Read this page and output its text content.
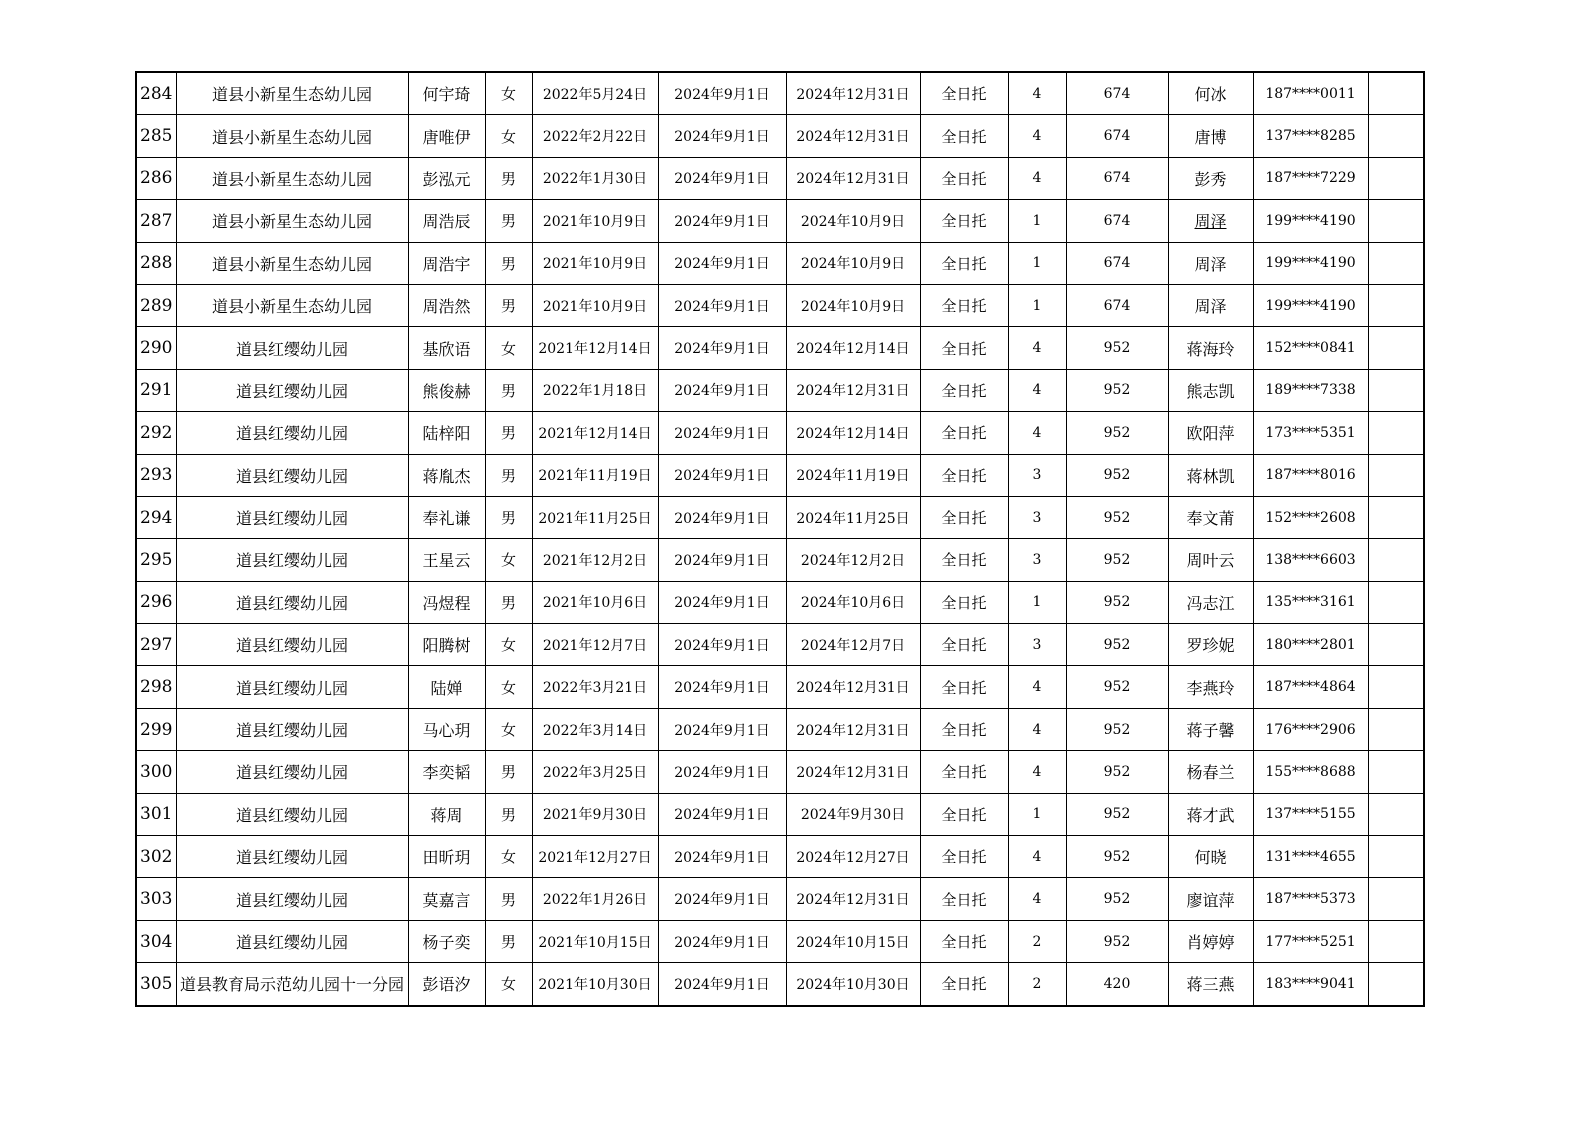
284	道县小新星生态幼儿园	何宇琦	女	2022年5月24日	2024年9月1日	2024年12月31日	全日托	4	674	何冰	187****0011	
285	道县小新星生态幼儿园	唐唯伊	女	2022年2月22日	2024年9月1日	2024年12月31日	全日托	4	674	唐博	137****8285	
286	道县小新星生态幼儿园	彭泓元	男	2022年1月30日	2024年9月1日	2024年12月31日	全日托	4	674	彭秀	187****7229	
287	道县小新星生态幼儿园	周浩辰	男	2021年10月9日	2024年9月1日	2024年10月9日	全日托	1	674	周泽	199****4190	
288	道县小新星生态幼儿园	周浩宇	男	2021年10月9日	2024年9月1日	2024年10月9日	全日托	1	674	周泽	199****4190	
289	道县小新星生态幼儿园	周浩然	男	2021年10月9日	2024年9月1日	2024年10月9日	全日托	1	674	周泽	199****4190	
290	道县红缨幼儿园	基欣语	女	2021年12月14日	2024年9月1日	2024年12月14日	全日托	4	952	蒋海玲	152****0841	
291	道县红缨幼儿园	熊俊赫	男	2022年1月18日	2024年9月1日	2024年12月31日	全日托	4	952	熊志凯	189****7338	
292	道县红缨幼儿园	陆梓阳	男	2021年12月14日	2024年9月1日	2024年12月14日	全日托	4	952	欧阳萍	173****5351	
293	道县红缨幼儿园	蒋胤杰	男	2021年11月19日	2024年9月1日	2024年11月19日	全日托	3	952	蒋林凯	187****8016	
294	道县红缨幼儿园	奉礼谦	男	2021年11月25日	2024年9月1日	2024年11月25日	全日托	3	952	奉文莆	152****2608	
295	道县红缨幼儿园	王星云	女	2021年12月2日	2024年9月1日	2024年12月2日	全日托	3	952	周叶云	138****6603	
296	道县红缨幼儿园	冯煜程	男	2021年10月6日	2024年9月1日	2024年10月6日	全日托	1	952	冯志江	135****3161	
297	道县红缨幼儿园	阳腾树	女	2021年12月7日	2024年9月1日	2024年12月7日	全日托	3	952	罗珍妮	180****2801	
298	道县红缨幼儿园	陆婵	女	2022年3月21日	2024年9月1日	2024年12月31日	全日托	4	952	李燕玲	187****4864	
299	道县红缨幼儿园	马心玥	女	2022年3月14日	2024年9月1日	2024年12月31日	全日托	4	952	蒋子馨	176****2906	
300	道县红缨幼儿园	李奕韬	男	2022年3月25日	2024年9月1日	2024年12月31日	全日托	4	952	杨春兰	155****8688	
301	道县红缨幼儿园	蒋周	男	2021年9月30日	2024年9月1日	2024年9月30日	全日托	1	952	蒋才武	137****5155	
302	道县红缨幼儿园	田昕玥	女	2021年12月27日	2024年9月1日	2024年12月27日	全日托	4	952	何晓	131****4655	
303	道县红缨幼儿园	莫嘉言	男	2022年1月26日	2024年9月1日	2024年12月31日	全日托	4	952	廖谊萍	187****5373	
304	道县红缨幼儿园	杨子奕	男	2021年10月15日	2024年9月1日	2024年10月15日	全日托	2	952	肖婷婷	177****5251	
305	道县教育局示范幼儿园十一分园	彭语汐	女	2021年10月30日	2024年9月1日	2024年10月30日	全日托	2	420	蒋三燕	183****9041	
